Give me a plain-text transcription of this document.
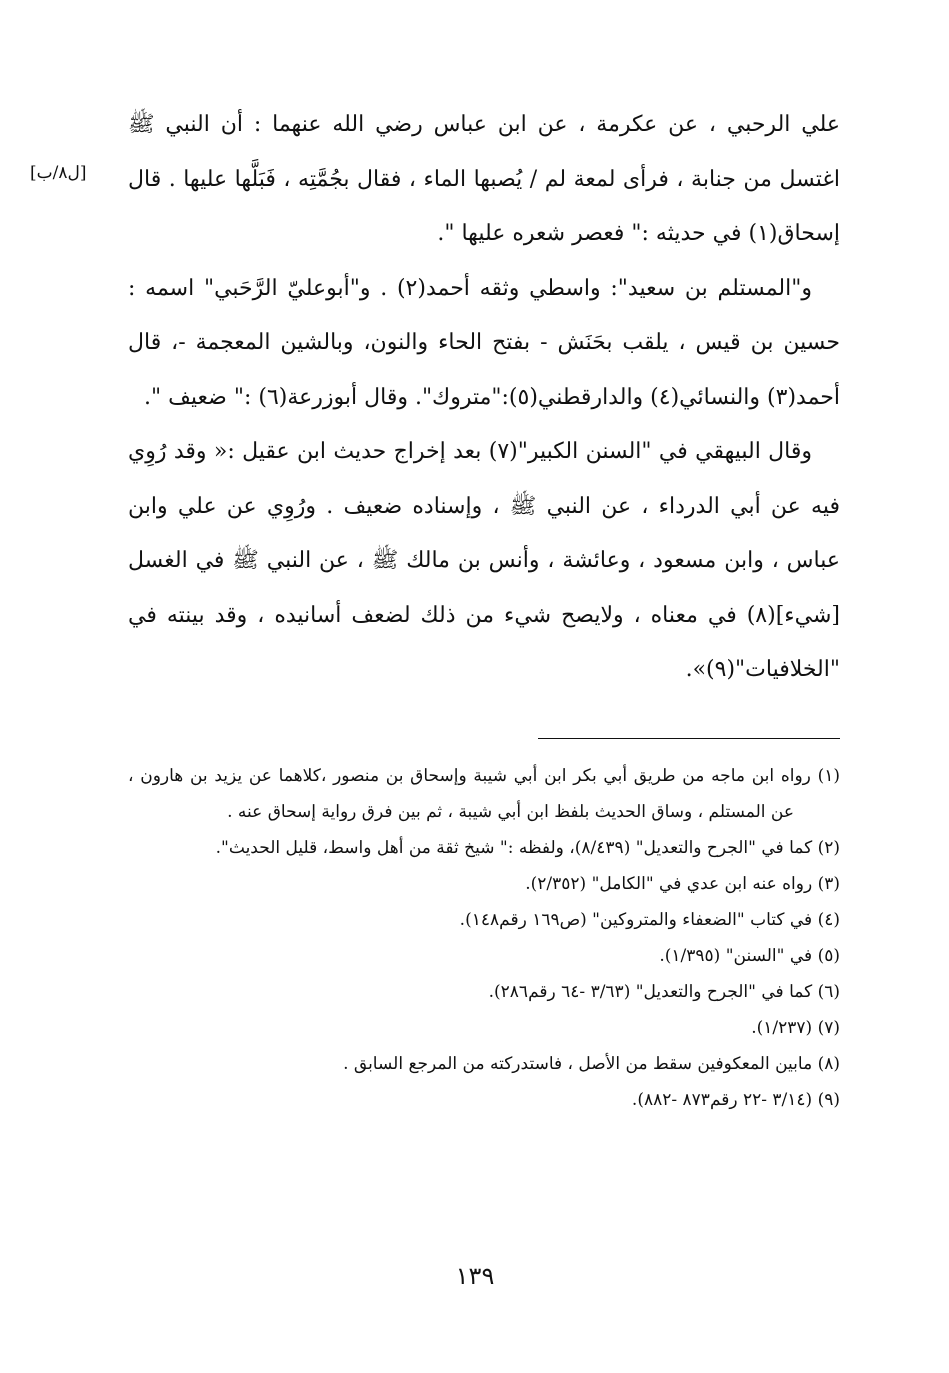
[ل٨/ب]

علي الرحبي ، عن عكرمة ، عن ابن عباس رضي الله عنهما : أن النبي ﷺ اغتسل من جنابة ، فرأى لمعة لم / يُصبها الماء ، فقال بجُمَّتِه ، فَبَلَّها عليها . قال إسحاق(١) في حديثه :" فعصر شعره عليها ".

و"المستلم بن سعيد": واسطي وثقه أحمد(٢) . و"أبوعليّ الرَّحَبي" اسمه : حسين بن قيس ، يلقب بحَنَش - بفتح الحاء والنون، وبالشين المعجمة -، قال أحمد(٣) والنسائي(٤) والدارقطني(٥):"متروك". وقال أبوزرعة(٦) :" ضعيف ".

وقال البيهقي في "السنن الكبير"(٧) بعد إخراج حديث ابن عقيل :« وقد رُوِي فيه عن أبي الدرداء ، عن النبي ﷺ ، وإسناده ضعيف . ورُوِي عن علي وابن عباس ، وابن مسعود ، وعائشة ، وأنس بن مالك ﷺ ، عن النبي ﷺ في الغسل [شيء](٨) في معناه ، ولايصح شيء من ذلك لضعف أسانيده ، وقد بينته في "الخلافيات"(٩)».

(١) رواه ابن ماجه من طريق أبي بكر ابن أبي شيبة وإسحاق بن منصور ،كلاهما عن يزيد بن هارون ، عن المستلم ، وساق الحديث بلفظ ابن أبي شيبة ، ثم بين فرق رواية إسحاق عنه .

(٢) كما في "الجرح والتعديل" (٨/٤٣٩)، ولفظه :" شيخ ثقة من أهل واسط، قليل الحديث".

(٣) رواه عنه ابن عدي في "الكامل" (٢/٣٥٢).

(٤) في كتاب "الضعفاء والمتروكين" (ص١٦٩ رقم١٤٨).

(٥) في "السنن" (١/٣٩٥).

(٦) كما في "الجرح والتعديل" (٣/٦٣ -٦٤ رقم٢٨٦).

(٧) (١/٢٣٧).

(٨) مابين المعكوفين سقط من الأصل ، فاستدركته من المرجع السابق .

(٩) (٣/١٤ -٢٢ رقم٨٧٣ -٨٨٢).

١٣٩
